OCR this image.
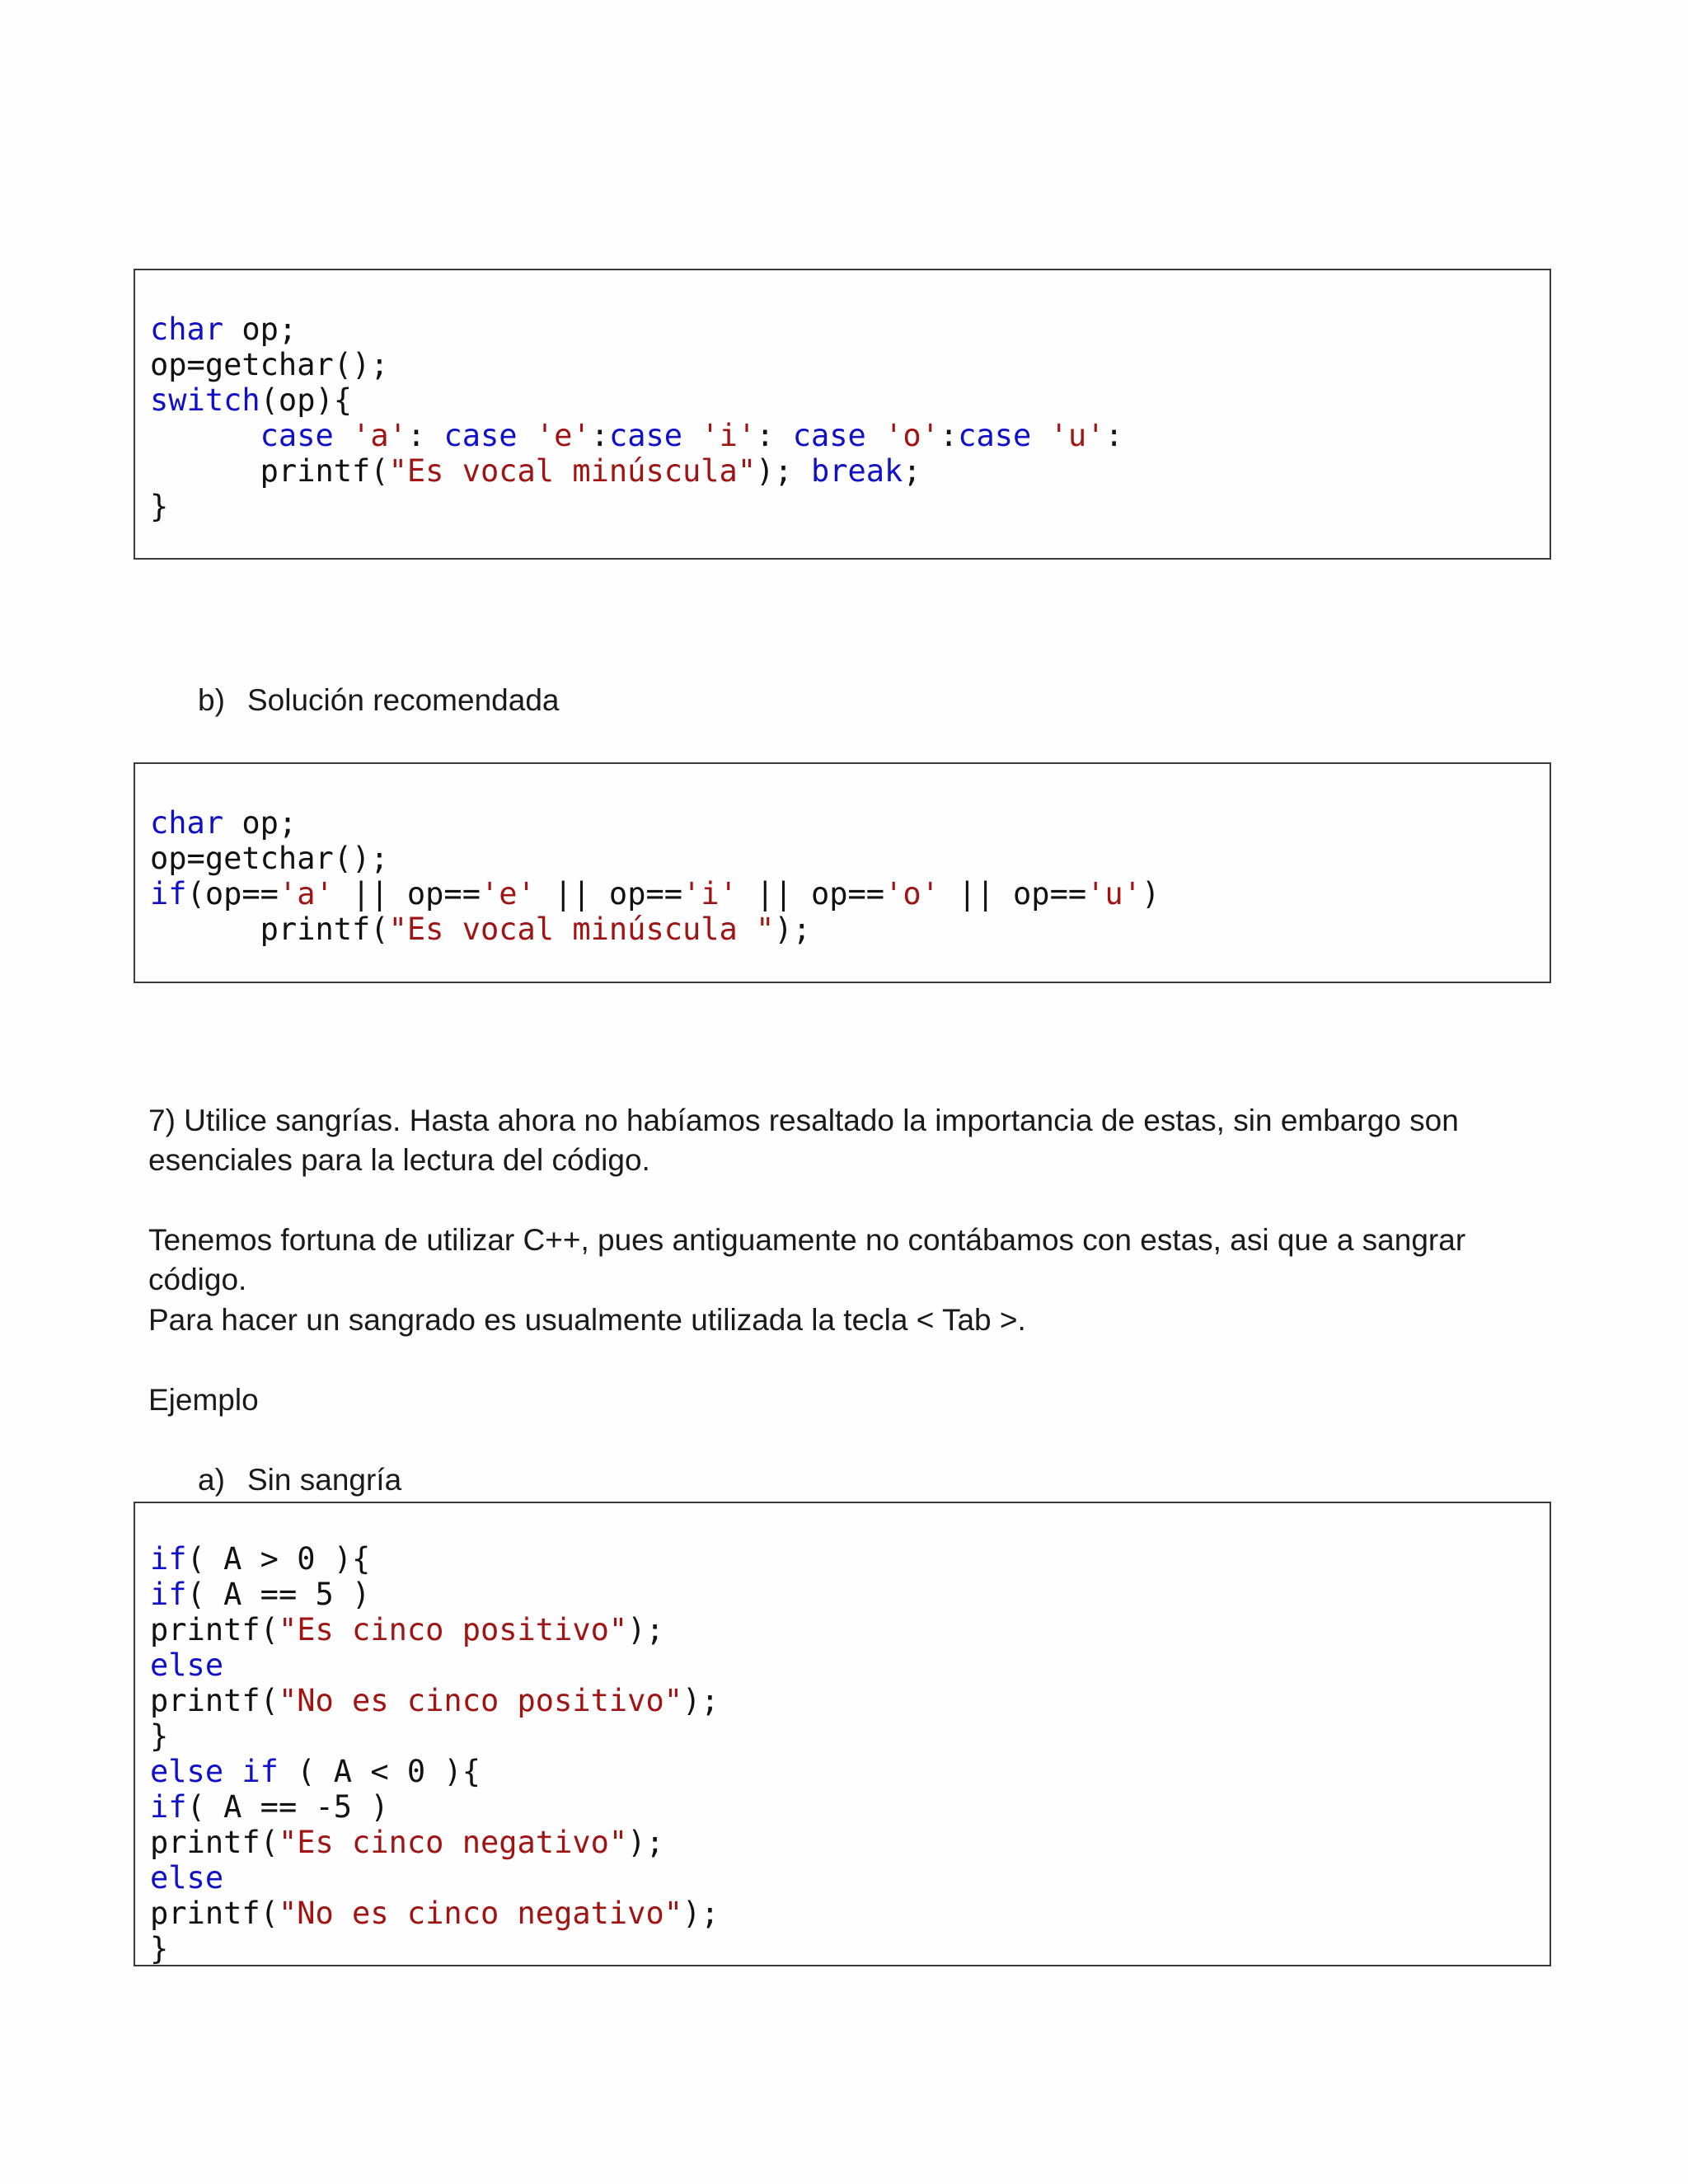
char op;
op=getchar();
switch(op){
case 'a': case 'e':case 'i': case 'o':case 'u':
printf("Es vocal minúscula"); break;
}
b) Solución recomendada
char op;
op=getchar();
if(op=='a' || op=='e' || op=='i' || op=='o' || op=='u')
printf("Es vocal minúscula ");

7) Utilice sangrías. Hasta ahora no habíamos resaltado la importancia de estas, sin embargo son

esenciales para la lectura del código.

Tenemos fortuna de utilizar C++, pues antiguamente no contábamos con estas, asi que a sangrar

código.

Para hacer un sangrado es usualmente utilizada la tecla < Tab >.

Ejemplo

a) Sin sangría
if( A > 0 ){
if( A == 5 )
printf("Es cinco positivo");
else
printf("No es cinco positivo");
}
else if ( A < 0 ){
if( A == -5 )
printf("Es cinco negativo");
else
printf("No es cinco negativo");
}
